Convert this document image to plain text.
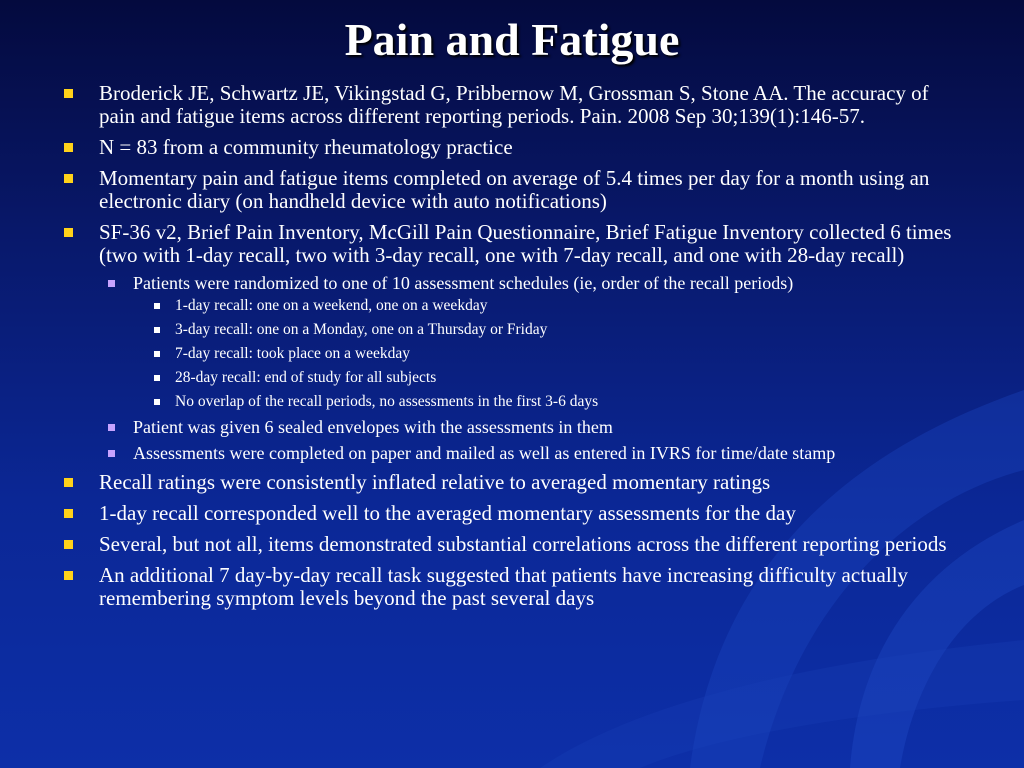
Pain and Fatigue
Broderick JE, Schwartz JE, Vikingstad G, Pribbernow M, Grossman S, Stone AA. The accuracy of pain and fatigue items across different reporting periods. Pain. 2008 Sep 30;139(1):146-57.
N = 83 from a community rheumatology practice
Momentary pain and fatigue items completed on average of 5.4 times per day for a month using an electronic diary (on handheld device with auto notifications)
SF-36 v2, Brief Pain Inventory, McGill Pain Questionnaire, Brief Fatigue Inventory collected 6 times (two with 1-day recall, two with 3-day recall, one with 7-day recall, and one with 28-day recall)
Patients were randomized to one of 10 assessment schedules (ie, order of the recall periods)
1-day recall: one on a weekend, one on a weekday
3-day recall: one on a Monday, one on a Thursday or Friday
7-day recall: took place on a weekday
28-day recall: end of study for all subjects
No overlap of the recall periods, no assessments in the first 3-6 days
Patient was given 6 sealed envelopes with the assessments in them
Assessments were completed on paper and mailed as well as entered in IVRS for time/date stamp
Recall ratings were consistently inflated relative to averaged momentary ratings
1-day recall corresponded well to the averaged momentary assessments for the day
Several, but not all, items demonstrated substantial correlations across the different reporting periods
An additional 7 day-by-day recall task suggested that patients have increasing difficulty actually remembering symptom levels beyond the past several days
